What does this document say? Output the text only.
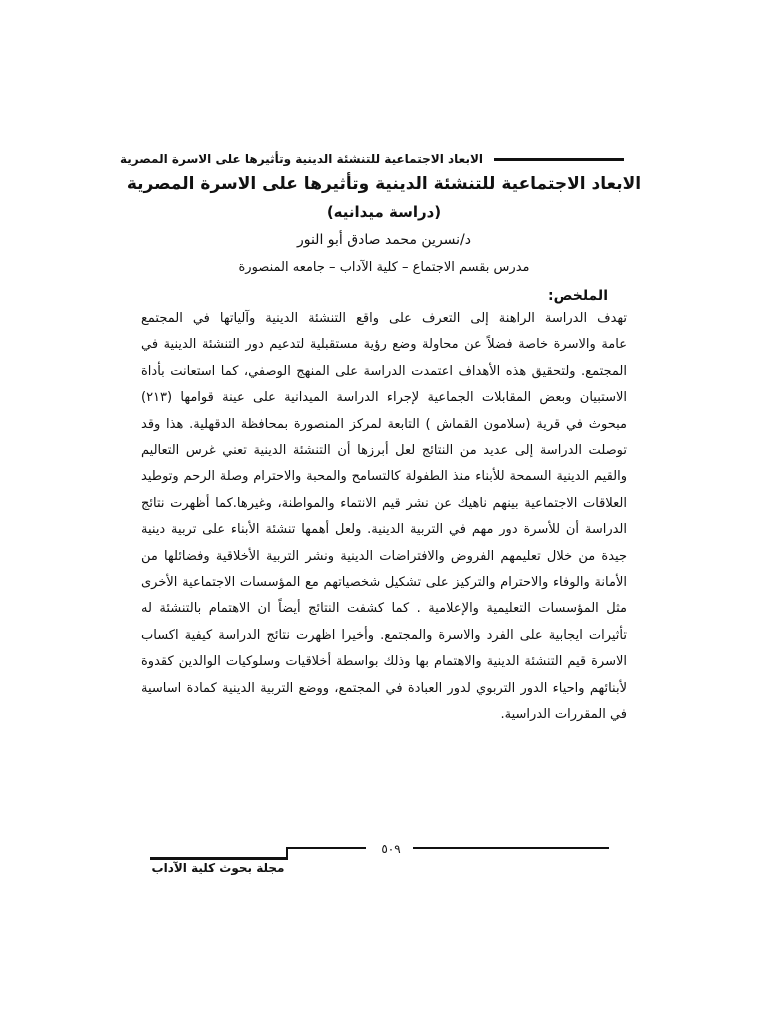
الابعاد الاجتماعية للتنشئة الدينية وتأثيرها على الاسرة المصرية
الابعاد الاجتماعية للتنشئة الدينية وتأثيرها على الاسرة المصرية
(دراسة ميدانيه)
د/نسرين محمد صادق أبو النور
مدرس بقسم الاجتماع – كلية الآداب – جامعه المنصورة
الملخص:
تهدف الدراسة الراهنة إلى التعرف على واقع التنشئة الدينية وآلياتها في المجتمع
عامة والاسرة خاصة فضلاً عن محاولة وضع رؤية مستقبلية لتدعيم دور التنشئة الدينية في
المجتمع. ولتحقيق هذه الأهداف اعتمدت الدراسة على المنهج الوصفي، كما استعانت بأداة
الاستبيان وبعض المقابلات الجماعية لإجراء الدراسة الميدانية على عينة قوامها (٢١٣)
مبحوث في قرية (سلامون القماش ) التابعة لمركز المنصورة بمحافظة الدقهلية. هذا وقد
توصلت الدراسة إلى عديد من النتائج لعل أبرزها أن التنشئة الدينية تعني غرس التعاليم
والقيم الدينية السمحة للأبناء منذ الطفولة كالتسامح والمحبة والاحترام وصلة الرحم وتوطيد
العلاقات الاجتماعية بينهم ناهيك عن نشر قيم الانتماء والمواطنة، وغيرها.كما أظهرت نتائج
الدراسة أن للأسرة دور مهم في التربية الدينية. ولعل أهمها تنشئة الأبناء على تربية دينية
جيدة من خلال تعليمهم الفروض والافتراضات الدينية ونشر التربية الأخلاقية وفضائلها من
الأمانة والوفاء والاحترام والتركيز على تشكيل شخصياتهم مع المؤسسات الاجتماعية الأخرى
مثل المؤسسات التعليمية والإعلامية . كما كشفت النتائج أيضاً ان الاهتمام بالتنشئة له
تأثيرات ايجابية على الفرد والاسرة والمجتمع. وأخيرا اظهرت نتائج الدراسة كيفية اكساب
الاسرة قيم التنشئة الدينية والاهتمام بها وذلك بواسطة أخلاقيات وسلوكيات الوالدين كقدوة
لأبنائهم واحياء الدور التربوي لدور العبادة في المجتمع، ووضع التربية الدينية كمادة اساسية
في المقررات الدراسية.
٥٠٩
مجلة بحوث كلية الآداب
